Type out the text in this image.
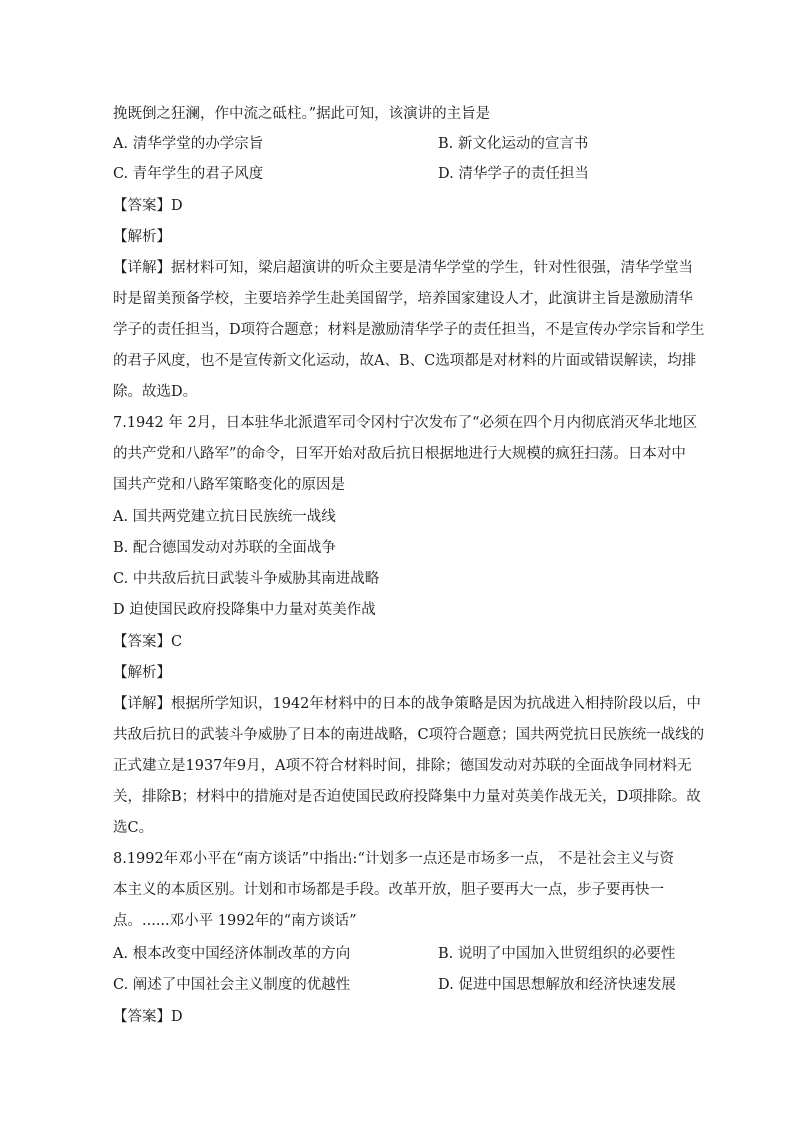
挽既倒之狂澜，作中流之砥柱。”据此可知，该演讲的主旨是
A. 清华学堂的办学宗旨	B. 新文化运动的宣言书
C. 青年学生的君子风度	D. 清华学子的责任担当
【答案】D
【解析】
【详解】据材料可知，梁启超演讲的听众主要是清华学堂的学生，针对性很强，清华学堂当
时是留美预备学校，主要培养学生赴美国留学，培养国家建设人才，此演讲主旨是激励清华
学子的责任担当，D项符合题意；材料是激励清华学子的责任担当，不是宣传办学宗旨和学生
的君子风度，也不是宣传新文化运动，故A、B、C选项都是对材料的片面或错误解读，均排
除。故选D。
7.1942 年 2月，日本驻华北派遣军司令冈村宁次发布了“必须在四个月内彻底消灭华北地区
的共产党和八路军”的命令，日军开始对敌后抗日根据地进行大规模的疯狂扫荡。日本对中
国共产党和八路军策略变化的原因是
A. 国共两党建立抗日民族统一战线
B. 配合德国发动对苏联的全面战争
C. 中共敌后抗日武装斗争威胁其南进战略
D 迫使国民政府投降集中力量对英美作战
【答案】C
【解析】
【详解】根据所学知识，1942年材料中的日本的战争策略是因为抗战进入相持阶段以后，中
共敌后抗日的武装斗争威胁了日本的南进战略，C项符合题意；国共两党抗日民族统一战线的
正式建立是1937年9月，A项不符合材料时间，排除；德国发动对苏联的全面战争同材料无
关，排除B；材料中的措施对是否迫使国民政府投降集中力量对英美作战无关，D项排除。故
选C。
8.1992年邓小平在“南方谈话”中指出:“计划多一点还是市场多一点， 不是社会主义与资
本主义的本质区别。计划和市场都是手段。改革开放，胆子要再大一点，步子要再快一
点。......邓小平 1992年的“南方谈话”
A. 根本改变中国经济体制改革的方向	B. 说明了中国加入世贸组织的必要性
C. 阐述了中国社会主义制度的优越性	D. 促进中国思想解放和经济快速发展
【答案】D
